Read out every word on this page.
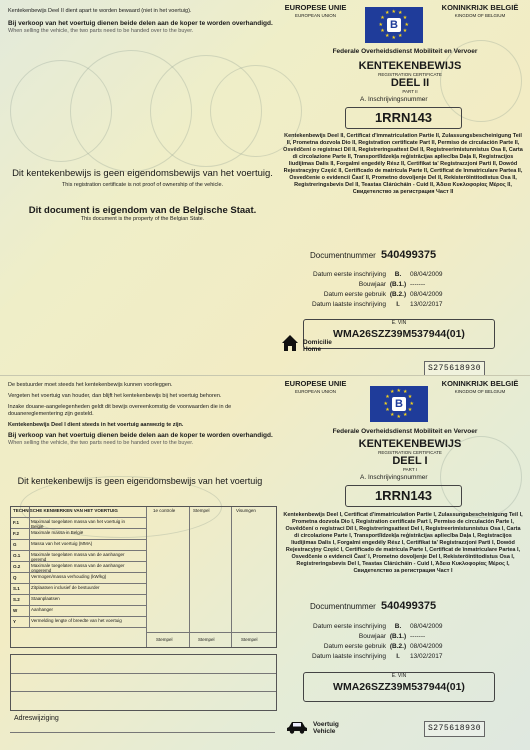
Kentekenbewijs Deel II dient apart te worden bewaard (niet in het voertuig).
Bij verkoop van het voertuig dienen beide delen aan de koper te worden overhandigd.
When selling the vehicle, the two parts need to be handed over to the buyer.
EUROPESE UNIE
EUROPEAN UNION
B	★
★
★
★
★
★
★
★
★ ★ ★
★
KONINKRIJK BELGIË
KINGDOM OF BELGIUM
Federale Overheidsdienst Mobiliteit en Vervoer
KENTEKENBEWIJS
REGISTRATION CERTIFICATE
DEEL II
PART II
A. Inschrijvingsnummer
1RRN143
Kentekenbewijs Deel II, Certificat d'immatriculation Partie II, Zulassungsbescheinigung Teil II, Prometna dozvola Dio II, Registration certificate Part II, Permiso de circulación Parte II, Osvědčení o registraci Díl II, Registreringsattest Del II, Registreerimistunnistus Osa II, Carta di circolazione Parte II, Transportlīdzekļa reģistrācijas apliecība Daļa II, Registracijos liudijimas Dalis II, Forgalmi engedély Rész II, Certifikat ta' Registrazzjoni Parti II, Dowód Rejestracyjny Część II, Certificado de matrícula Parte II, Certificat de înmatriculare Partea II, Osvedčenie o evidencii Časť II, Prometno dovoljenje Del II, Rekisteröintitodistus Osa II, Registreringsbevis Del II, Teastas Clárúcháin - Cuid II, Άδεια Κυκλοφορίας Μέρος ΙΙ, Свидетелство за регистрация Част II
Dit kentekenbewijs is geen eigendomsbewijs van het voertuig.
This registration certificate is not proof of ownership of the vehicle.
Dit document is eigendom van de Belgische Staat.
This document is the property of the Belgian State.
Documentnummer 540499375
Datum eerste inschrijving B. 08/04/2009
Bouwjaar (B.1.) -------
Datum eerste gebruik (B.2.) 08/04/2009
Datum laatste inschrijving I. 13/02/2017
E. VIN
WMA26SZZ39M537944(01)
Domicilie
Home
S275618930
De bestuurder moet steeds het kentekenbewijs kunnen voorleggen.
Vergeten het voertuig van houder, dan blijft het kentekenbewijs bij het voertuig behoren.
Inzake douane-aangelegenheden geldt dit bewijs overeenkomstig de voorwaarden die in de douanereglementering zijn gesteld.
Kentekenbewijs Deel I dient steeds in het voertuig aanwezig te zijn.
Bij verkoop van het voertuig dienen beide delen aan de koper te worden overhandigd.
When selling the vehicle, the two parts need to be handed over to the buyer.
Dit kentekenbewijs is geen eigendomsbewijs van het voertuig
TECHNISCHE KENMERKEN VAN HET VOERTUIG	1e controle	Stempel	Visumgen
F.1	Maximaal toegelaten massa van het voertuig in België
F.2	Maximale massa in België
G	Massa van het voertuig (MMA)
O.1	Maximale toegelaten massa van de aanhanger geremd
O.2	Maximale toegelaten massa van de aanhanger ongeremd
Q	Vermogen/massa verhouding (kW/kg)
S.1	Zitplaatsen inclusief de bestuurder
S.2	Staanplaatsen
W	Aanhanger
Y	Vermelding lengte of breedte van het voertuig
Stempel	Stempel	Stempel
Adreswijziging
EUROPESE UNIE
EUROPEAN UNION
B	★
★
★
★
★
★
★
★
★ ★ ★
★
KONINKRIJK BELGIË
KINGDOM OF BELGIUM
Federale Overheidsdienst Mobiliteit en Vervoer
KENTEKENBEWIJS
REGISTRATION CERTIFICATE
DEEL I
PART I
A. Inschrijvingsnummer
1RRN143
Kentekenbewijs Deel I, Certificat d'immatriculation Partie I, Zulassungsbescheinigung Teil I, Prometna dozvola Dio I, Registration certificate Part I, Permiso de circulación Parte I, Osvědčení o registraci Díl I, Registreringsattest Del I, Registreerimistunnistus Osa I, Carta di circolazione Parte I, Transportlīdzekļa reģistrācijas apliecība Daļa I, Registracijos liudijimas Dalis I, Forgalmi engedély Rész I, Certifikat ta' Registrazzjoni Parti I, Dowód Rejestracyjny Część I, Certificado de matrícula Parte I, Certificat de înmatriculare Partea I, Osvedčenie o evidencii Časť I, Prometno dovoljenje Del I, Rekisteröintitodistus Osa I, Registreringsbevis Del I, Teastas Clárúcháin - Cuid I, Άδεια Κυκλοφορίας Μέρος Ι, Свидетелство за регистрация Част I
Documentnummer 540499375
Datum eerste inschrijving B. 08/04/2009
Bouwjaar (B.1.) -------
Datum eerste gebruik (B.2.) 08/04/2009
Datum laatste inschrijving I. 13/02/2017
E. VIN
WMA26SZZ39M537944(01)
Voertuig
Vehicle	S275618930
